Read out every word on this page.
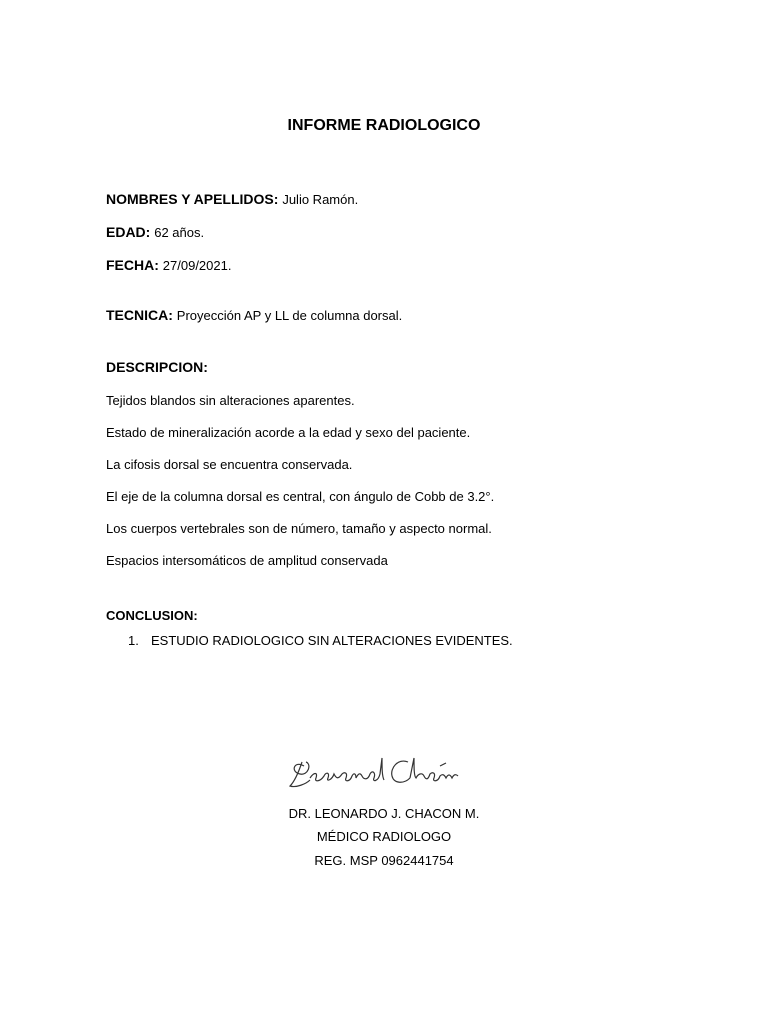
INFORME RADIOLOGICO
NOMBRES Y APELLIDOS: Julio Ramón.
EDAD: 62 años.
FECHA: 27/09/2021.
TECNICA: Proyección AP y LL de columna dorsal.
DESCRIPCION:
Tejidos blandos sin alteraciones aparentes.
Estado de mineralización acorde a la edad y sexo del paciente.
La cifosis dorsal se encuentra conservada.
El eje de la columna dorsal es central, con ángulo de Cobb de 3.2°.
Los cuerpos vertebrales son de número, tamaño y aspecto normal.
Espacios intersomáticos de amplitud conservada
CONCLUSION:
1. ESTUDIO RADIOLOGICO SIN ALTERACIONES EVIDENTES.
DR. LEONARDO J. CHACON M.
MÉDICO RADIOLOGO
REG. MSP 0962441754
